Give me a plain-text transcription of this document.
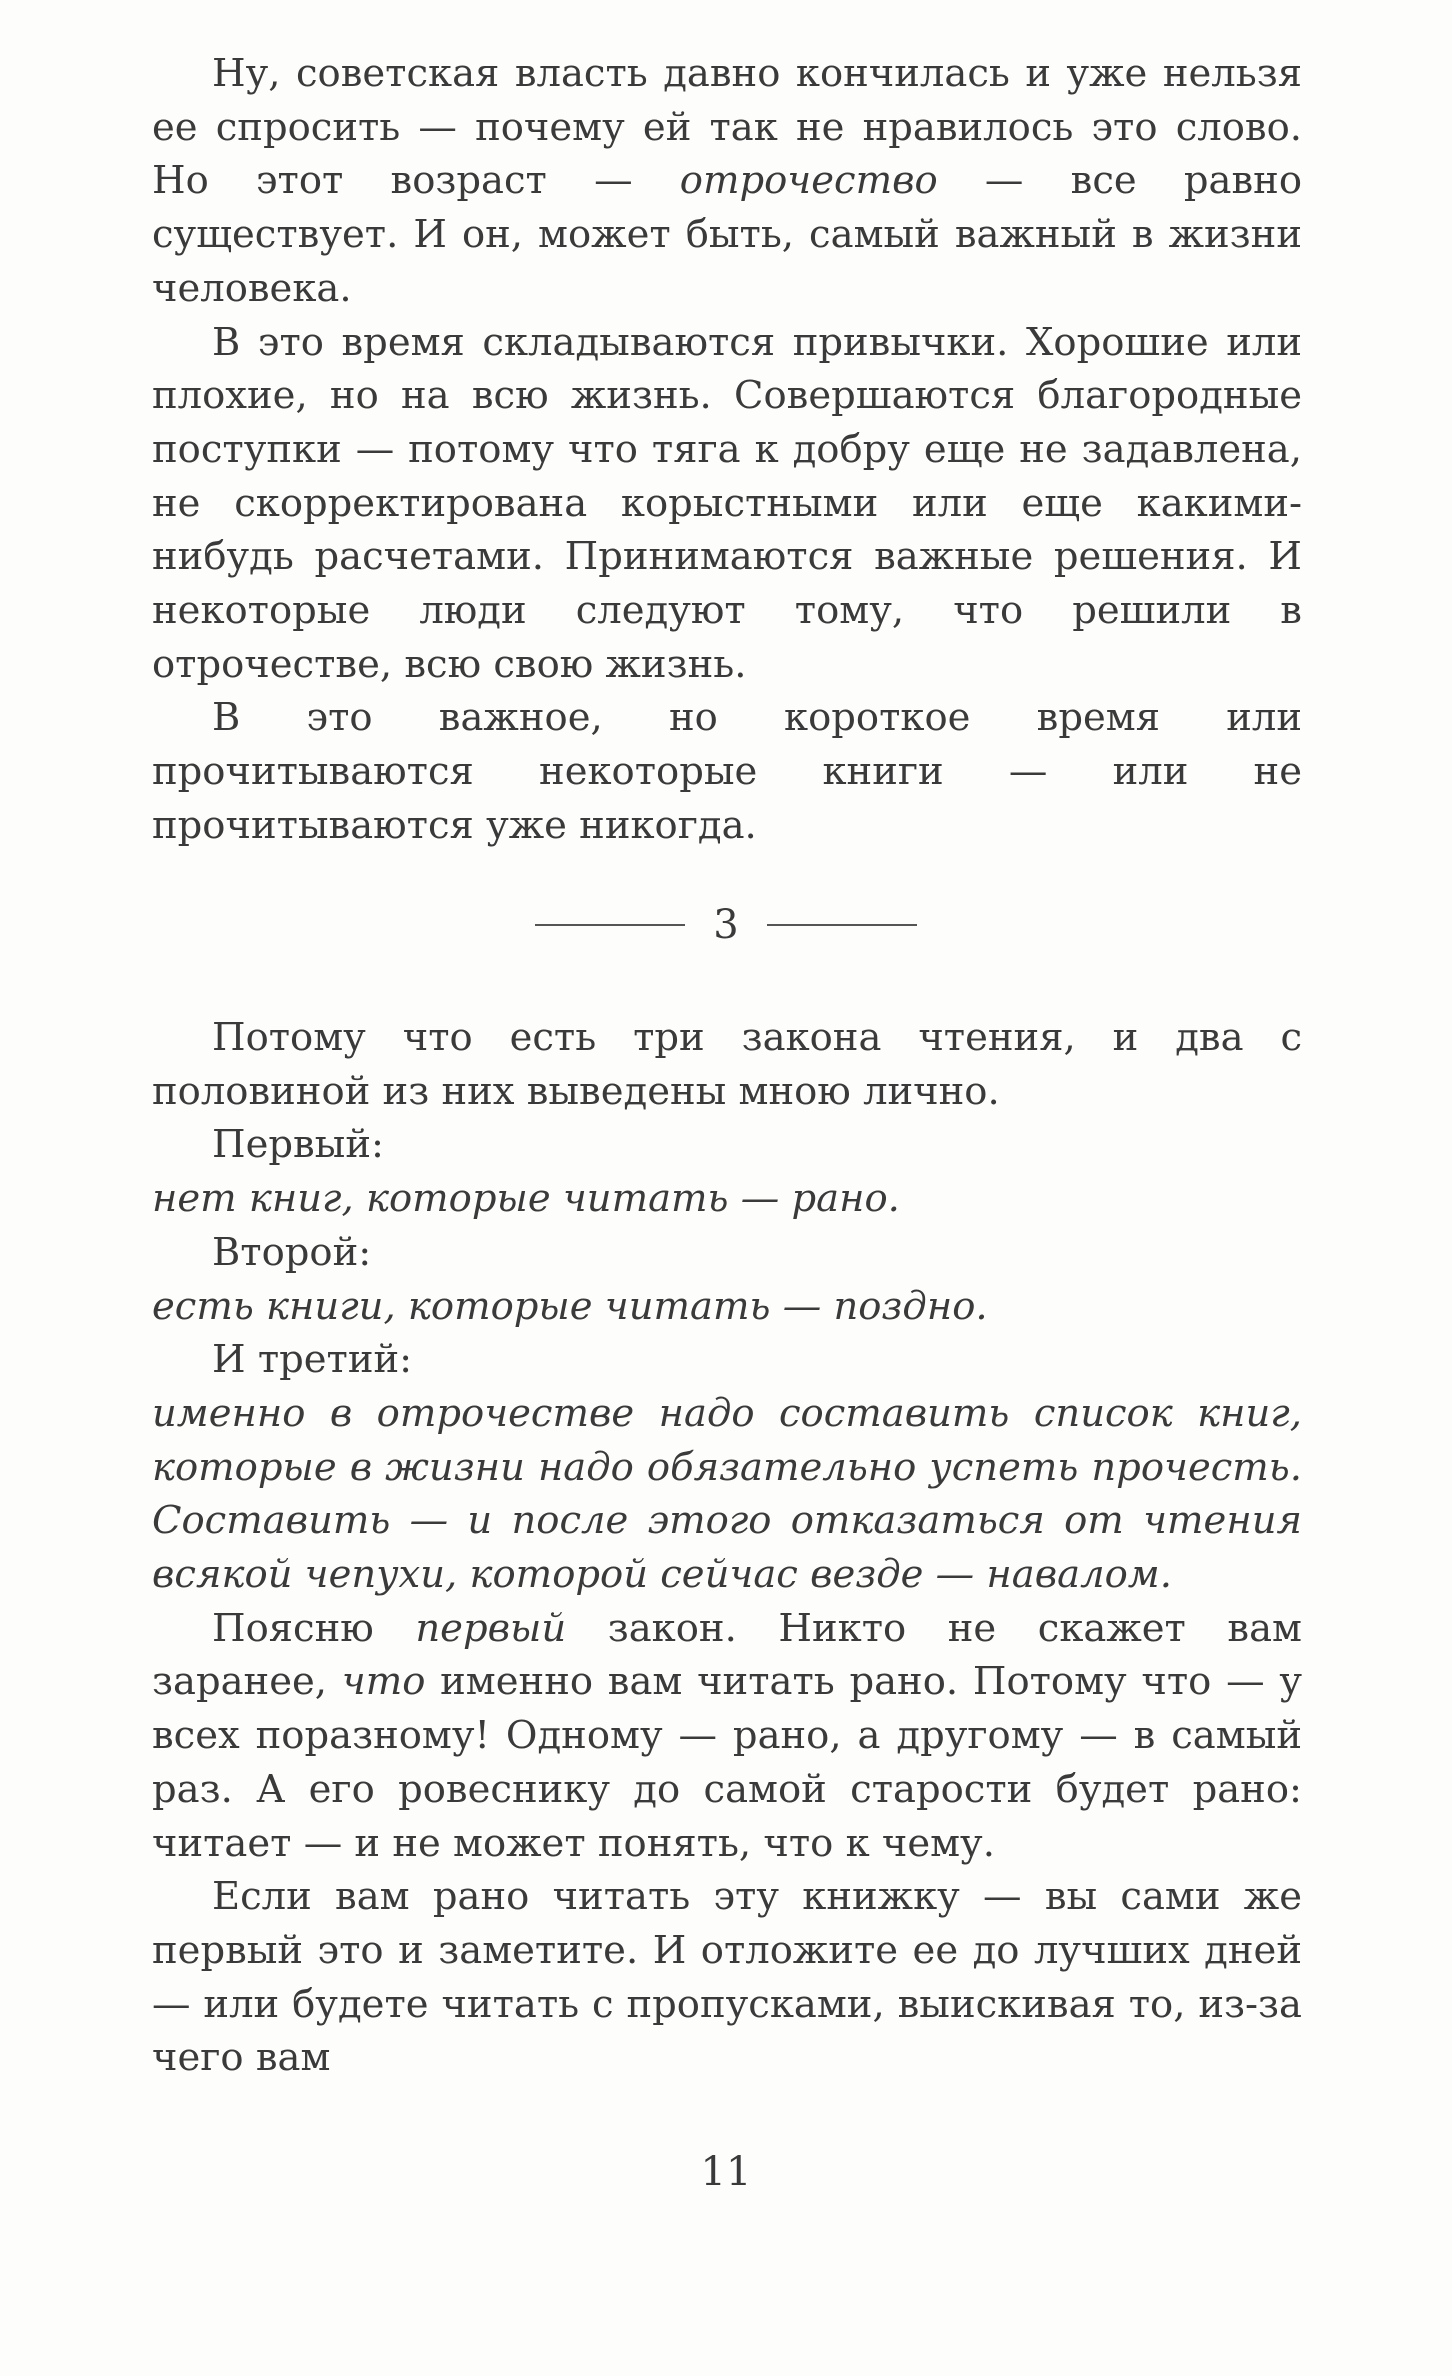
Ну, советская власть давно кончилась и уже нельзя ее спросить — почему ей так не нравилось это слово. Но этот возраст — отрочество — все равно существует. И он, может быть, самый важный в жизни человека.

В это время складываются привычки. Хорошие или плохие, но на всю жизнь. Совершаются благородные поступки — потому что тяга к добру еще не задавлена, не скорректирована корыстными или еще какими-нибудь расчетами. Принимаются важные решения. И некоторые люди следуют тому, что решили в отрочестве, всю свою жизнь.

В это важное, но короткое время или прочитываются некоторые книги — или не прочитываются уже никогда.

3

Потому что есть три закона чтения, и два с половиной из них выведены мною лично.

Первый:

нет книг, которые читать — рано.

Второй:

есть книги, которые читать — поздно.

И третий:

именно в отрочестве надо составить список книг, которые в жизни надо обязательно успеть прочесть. Составить — и после этого отказаться от чтения всякой чепухи, которой сейчас везде — навалом.

Поясню первый закон. Никто не скажет вам заранее, что именно вам читать рано. Потому что — у всех поразному! Одному — рано, а другому — в самый раз. А его ровеснику до самой старости будет рано: читает — и не может понять, что к чему.

Если вам рано читать эту книжку — вы сами же первый это и заметите. И отложите ее до лучших дней — или будете читать с пропусками, выискивая то, из-за чего вам

11
